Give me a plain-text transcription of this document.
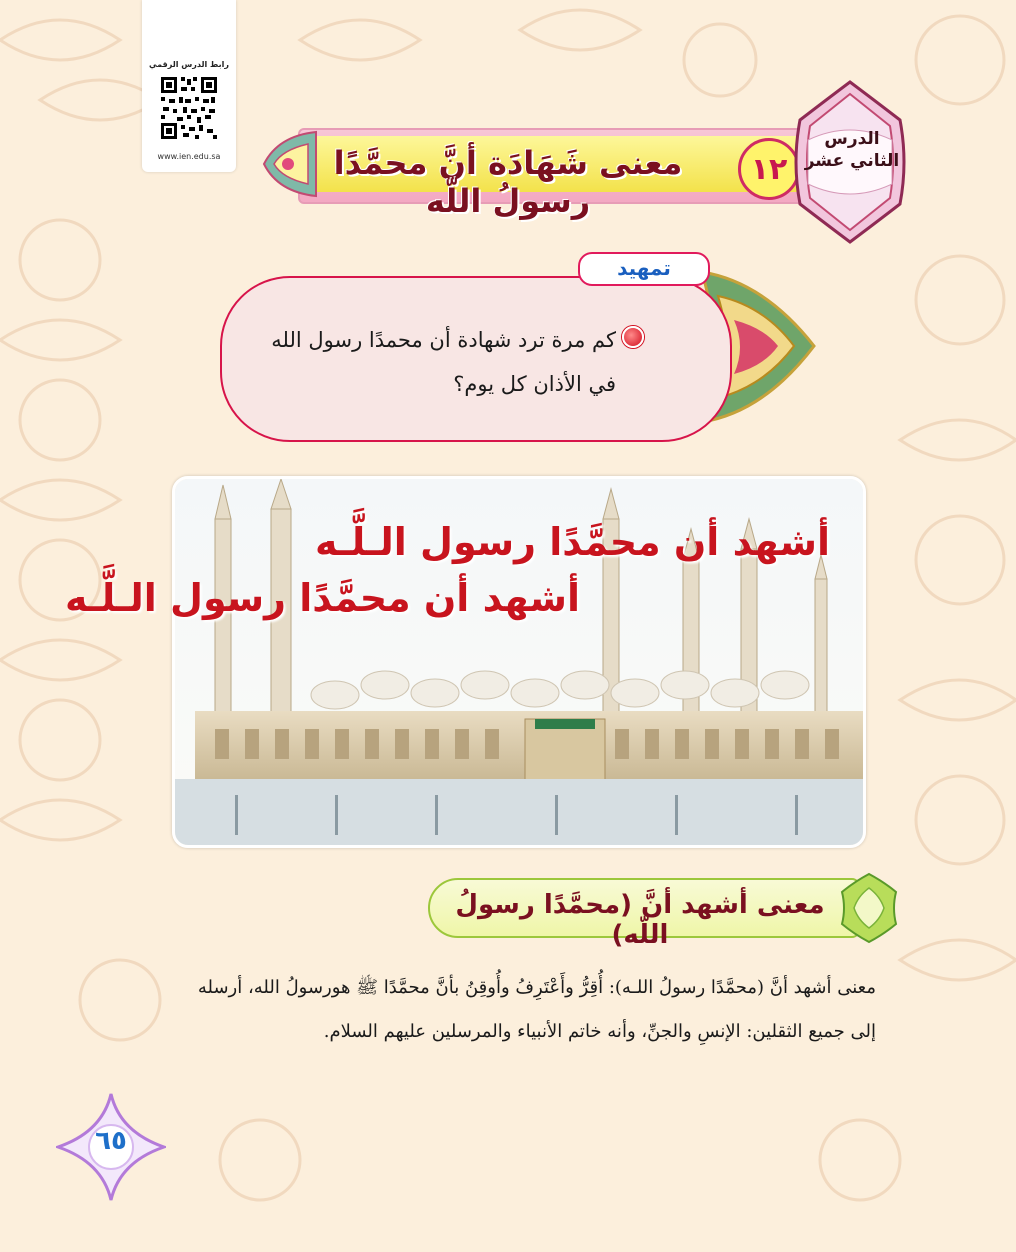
رابط الدرس الرقمي
www.ien.edu.sa	معنى شَهَادَة أنَّ محمَّدًا رسولُ اللّه
١٢
الدرس
الثاني عشر
تمهيد
كم مرة ترد شهادة أن محمدًا رسول الله
في الأذان كل يوم؟
أشهد أن محمَّدًا رسول الـلَّـه
أشهد أن محمَّدًا رسول الـلَّـه
معنى أشهد أنَّ (محمَّدًا رسولُ اللّه)
معنى أشهد أنَّ (محمَّدًا رسولُ اللـه): أُقِرُّ وأَعْتَرِفُ وأُوقِنُ بأنَّ محمَّدًا ﷺ هورسولُ الله، أرسله
إلى جميع الثقلين: الإنسِ والجنِّ، وأنه خاتم الأنبياء والمرسلين عليهم السلام.
٦٥
